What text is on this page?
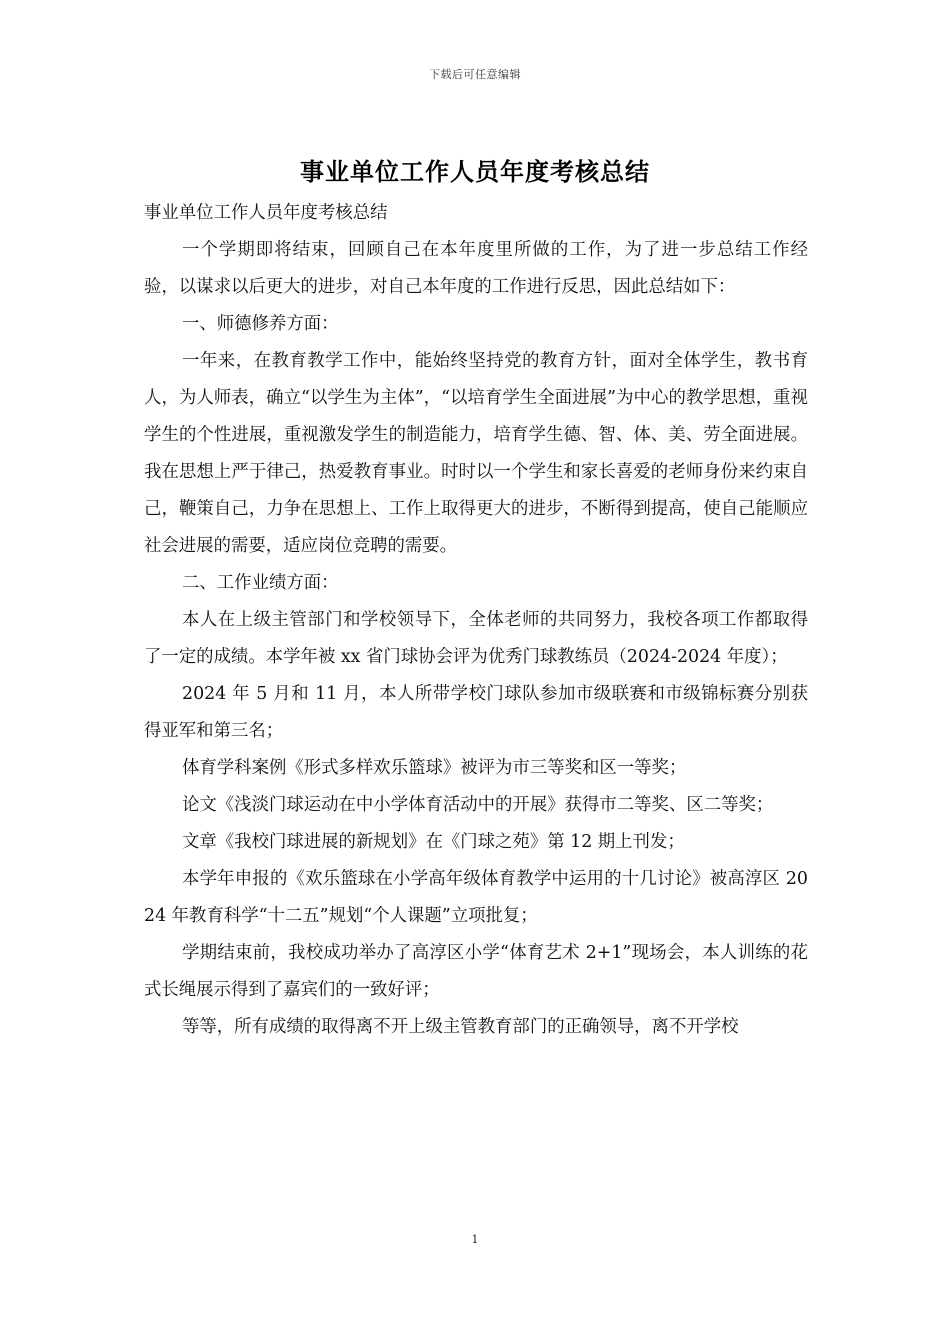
下载后可任意编辑
事业单位工作人员年度考核总结

事业单位工作人员年度考核总结

一个学期即将结束，回顾自己在本年度里所做的工作，为了进一步总结工作经验，以谋求以后更大的进步，对自己本年度的工作进行反思，因此总结如下：

一、师德修养方面：

一年来，在教育教学工作中，能始终坚持党的教育方针，面对全体学生，教书育人，为人师表，确立“以学生为主体”，“以培育学生全面进展”为中心的教学思想，重视学生的个性进展，重视激发学生的制造能力，培育学生德、智、体、美、劳全面进展。我在思想上严于律己，热爱教育事业。时时以一个学生和家长喜爱的老师身份来约束自己，鞭策自己，力争在思想上、工作上取得更大的进步，不断得到提高，使自己能顺应社会进展的需要，适应岗位竞聘的需要。

二、工作业绩方面：

本人在上级主管部门和学校领导下，全体老师的共同努力，我校各项工作都取得了一定的成绩。本学年被 xx 省门球协会评为优秀门球教练员（2024-2024 年度）；

2024 年 5 月和 11 月，本人所带学校门球队参加市级联赛和市级锦标赛分别获得亚军和第三名；

体育学科案例《形式多样欢乐篮球》被评为市三等奖和区一等奖；

论文《浅淡门球运动在中小学体育活动中的开展》获得市二等奖、区二等奖；

文章《我校门球进展的新规划》在《门球之苑》第 12 期上刊发；

本学年申报的《欢乐篮球在小学高年级体育教学中运用的十几讨论》被高淳区 2024 年教育科学“十二五”规划“个人课题”立项批复；

学期结束前，我校成功举办了高淳区小学“体育艺术 2+1”现场会，本人训练的花式长绳展示得到了嘉宾们的一致好评；

等等，所有成绩的取得离不开上级主管教育部门的正确领导，离不开学校

1
